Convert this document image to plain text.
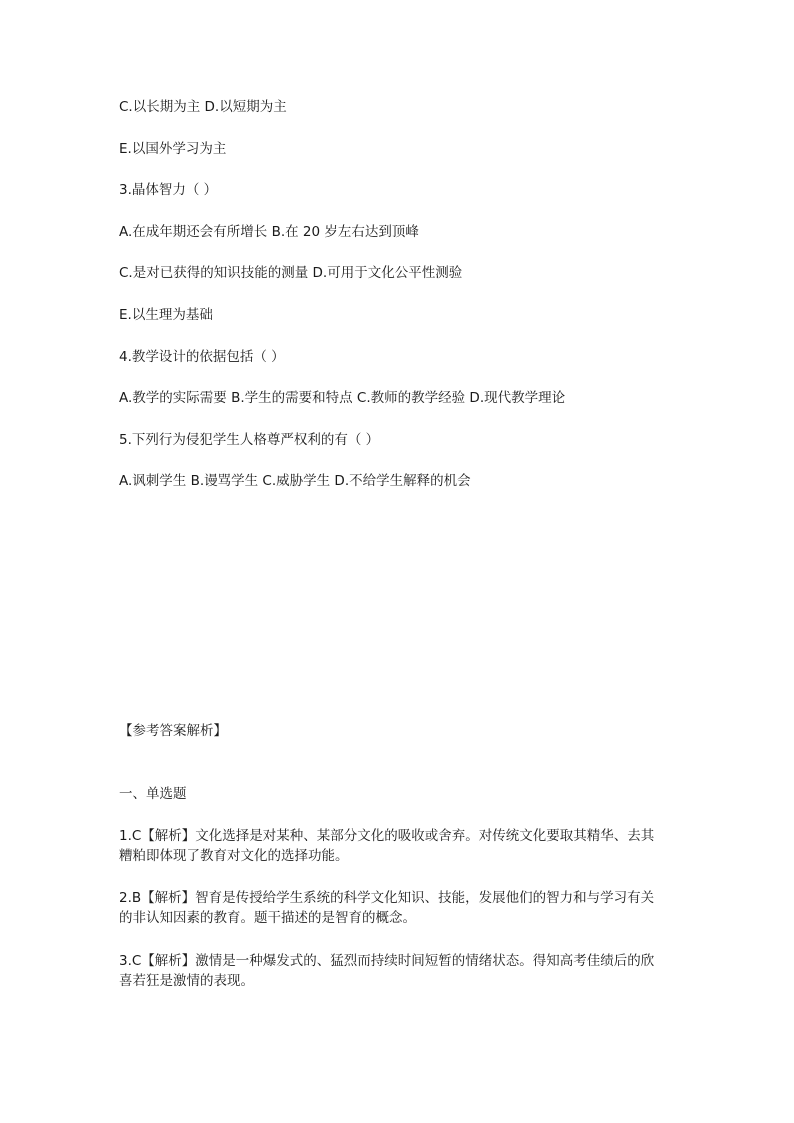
C.以长期为主 D.以短期为主
E.以国外学习为主
3.晶体智力（ ）
A.在成年期还会有所增长 B.在 20 岁左右达到顶峰
C.是对已获得的知识技能的测量 D.可用于文化公平性测验
E.以生理为基础
4.教学设计的依据包括（ ）
A.教学的实际需要 B.学生的需要和特点 C.教师的教学经验 D.现代教学理论
5.下列行为侵犯学生人格尊严权利的有（ ）
A.讽刺学生 B.谩骂学生 C.威胁学生 D.不给学生解释的机会
【参考答案解析】
一、单选题
1.C【解析】文化选择是对某种、某部分文化的吸收或舍弃。对传统文化要取其精华、去其
糟粕即体现了教育对文化的选择功能。
2.B【解析】智育是传授给学生系统的科学文化知识、技能，发展他们的智力和与学习有关
的非认知因素的教育。题干描述的是智育的概念。
3.C【解析】激情是一种爆发式的、猛烈而持续时间短暂的情绪状态。得知高考佳绩后的欣
喜若狂是激情的表现。
